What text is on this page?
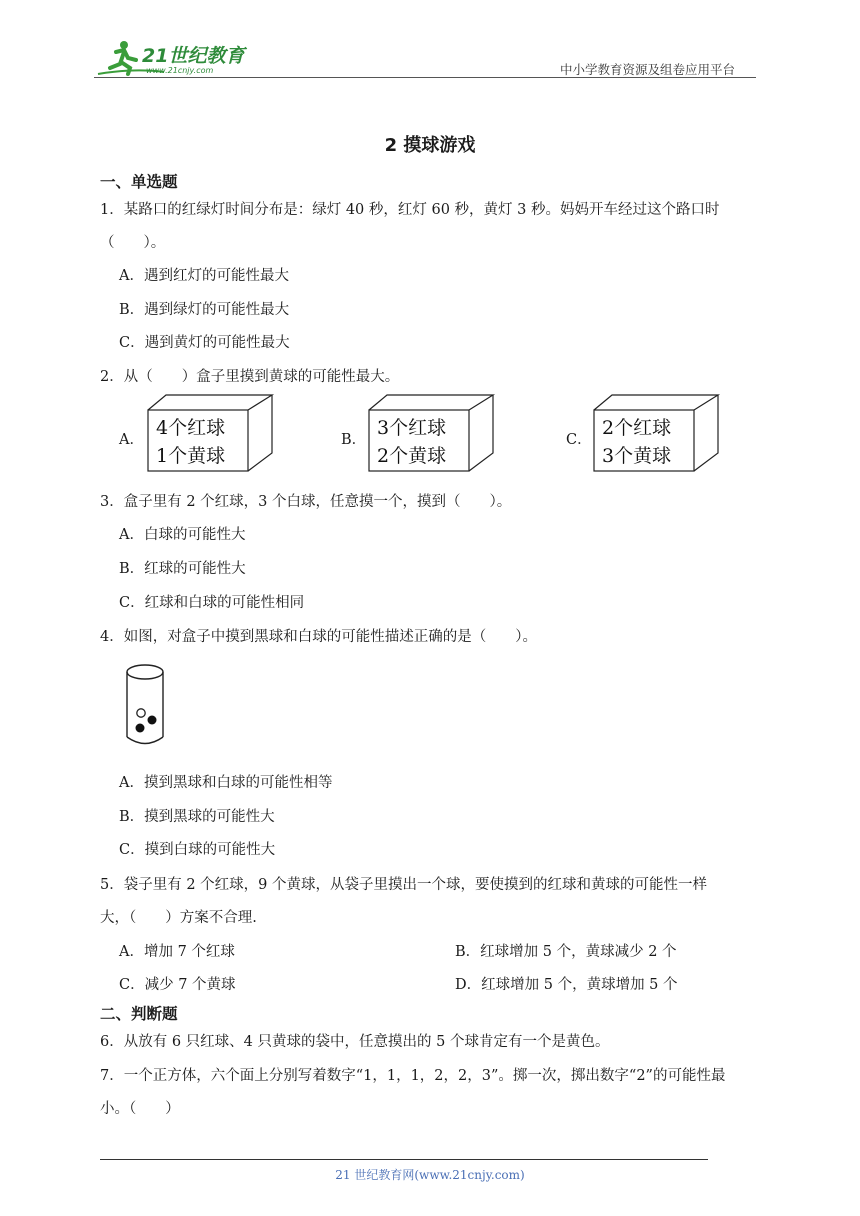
21世纪教育
www.21cnjy.com	中小学教育资源及组卷应用平台
2 摸球游戏
一、单选题
1．某路口的红绿灯时间分布是：绿灯 40 秒，红灯 60 秒，黄灯 3 秒。妈妈开车经过这个路口时
（　　）。
A．遇到红灯的可能性最大
B．遇到绿灯的可能性最大
C．遇到黄灯的可能性最大
2．从（　　）盒子里摸到黄球的可能性最大。
A．
4个红球
1个黄球
B．
3个红球
2个黄球
C．
2个红球
3个黄球
3．盒子里有 2 个红球，3 个白球，任意摸一个，摸到（　　）。
A．白球的可能性大
B．红球的可能性大
C．红球和白球的可能性相同
4．如图，对盒子中摸到黑球和白球的可能性描述正确的是（　　）。
A．摸到黑球和白球的可能性相等
B．摸到黑球的可能性大
C．摸到白球的可能性大
5．袋子里有 2 个红球，9 个黄球，从袋子里摸出一个球，要使摸到的红球和黄球的可能性一样
大，（　　）方案不合理.
A．增加 7 个红球	B．红球增加 5 个，黄球减少 2 个
C．减少 7 个黄球	D．红球增加 5 个，黄球增加 5 个
二、判断题
6．从放有 6 只红球、4 只黄球的袋中，任意摸出的 5 个球肯定有一个是黄色。
7．一个正方体，六个面上分别写着数字“1，1，1，2，2，3”。掷一次，掷出数字“2”的可能性最
小。（　　）
21 世纪教育网(www.21cnjy.com)
